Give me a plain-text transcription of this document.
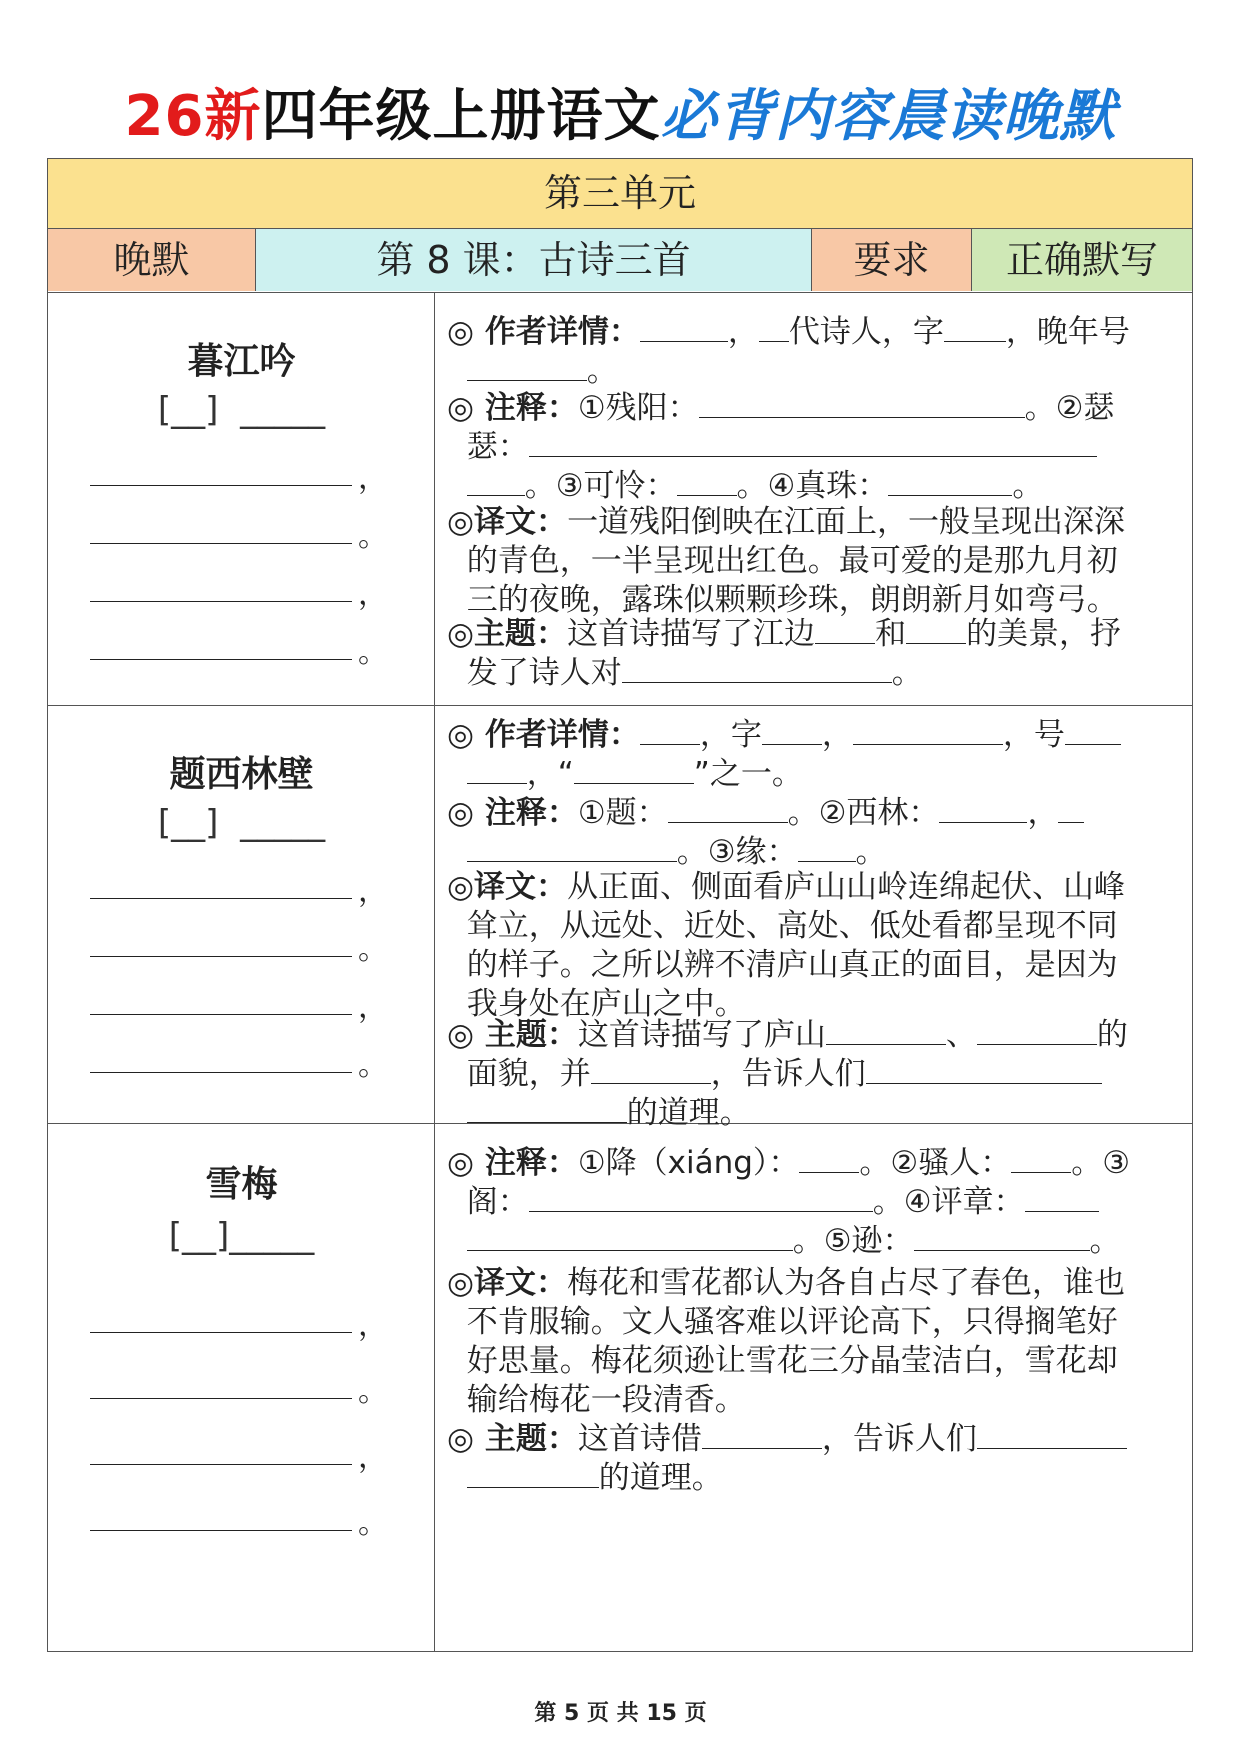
26新四年级上册语文必背内容晨读晚默
第三单元
晚默	第 8 课：古诗三首	要求	正确默写
暮江吟
[__]  _____
，
。
，
。
◎ 作者详情：	， 代诗人，字 ，晚年号
。
◎ 注释：①残阳：	。②瑟
瑟：
。③可怜： 。④真珠：	。
◎译文：一道残阳倒映在江面上，一般呈现出深深
的青色，一半呈现出红色。最可爱的是那九月初
三的夜晚，露珠似颗颗珍珠，朗朗新月如弯弓。
◎主题：这首诗描写了江边 和 的美景，抒
发了诗人对	。
题西林壁
[__]  _____
，
。
，
。
◎ 作者详情： ，字 ，	，号
，“	”之一。
◎ 注释：①题：	。②西林：	，
。③缘： 。
◎译文：从正面、侧面看庐山山岭连绵起伏、山峰
耸立，从远处、近处、高处、低处看都呈现不同
的样子。之所以辨不清庐山真正的面目，是因为
我身处在庐山之中。
◎ 主题：这首诗描写了庐山	、	的
面貌，并	，告诉人们
的道理。
雪梅
[__]_____
，
。
，
。
◎ 注释：①降（xiáng）： 。②骚人： 。③
阁：	。④评章：
。⑤逊：	。
◎译文：梅花和雪花都认为各自占尽了春色，谁也
不肯服输。文人骚客难以评论高下，只得搁笔好
好思量。梅花须逊让雪花三分晶莹洁白，雪花却
输给梅花一段清香。
◎ 主题：这首诗借	，告诉人们
的道理。
第 5 页 共 15 页
